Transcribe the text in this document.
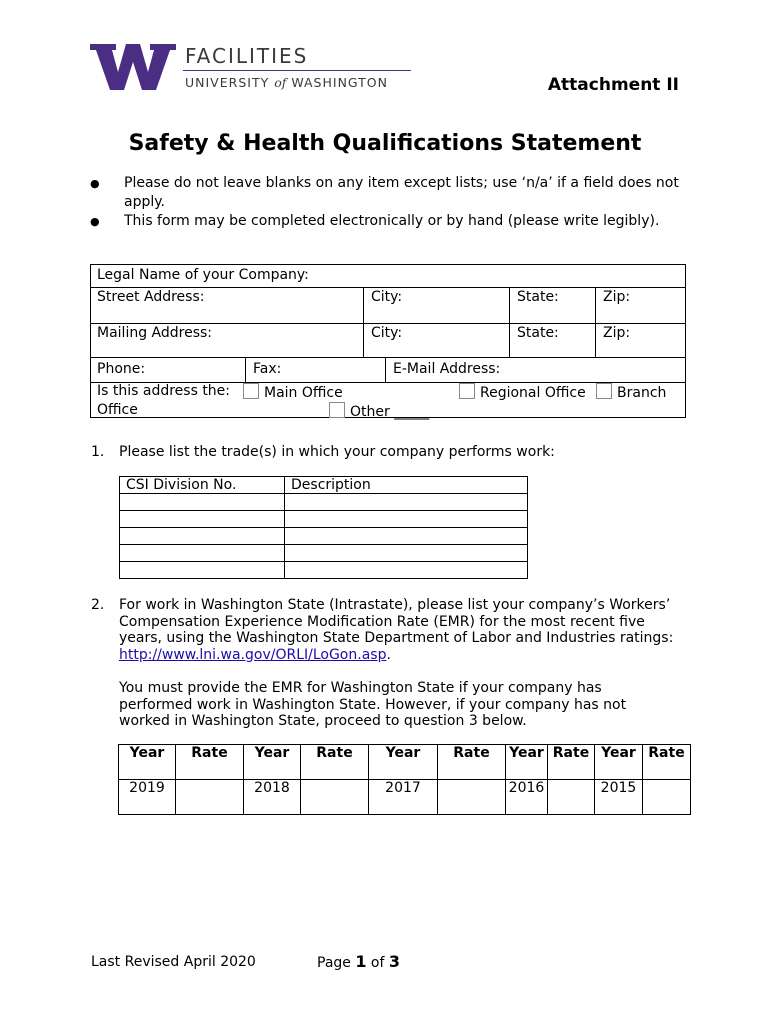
FACILITIES
UNIVERSITY of WASHINGTON	Attachment II
Safety & Health Qualifications Statement
●	Please do not leave blanks on any item except lists; use ‘n/a’ if a field does not apply.
●	This form may be completed electronically or by hand (please write legibly).
Legal Name of your Company:
Street Address:	City:	State:	Zip:
Mailing Address:	City:	State:	Zip:
Phone:	Fax:	E-Mail Address:
Is this address the:	Main Office	Regional Office	Branch
Office	Other _____
1. Please list the trade(s) in which your company performs work:
CSI Division No.	Description

2. For work in Washington State (Intrastate), please list your company’s Workers’ Compensation Experience Modification Rate (EMR) for the most recent five years, using the Washington State Department of Labor and Industries ratings: http://www.lni.wa.gov/ORLI/LoGon.asp.
You must provide the EMR for Washington State if your company has performed work in Washington State. However, if your company has not worked in Washington State, proceed to question 3 below.
Year	Rate	Year	Rate	Year	Rate	Year	Rate	Year	Rate
2019		2018		2017		2016		2015	
Last Revised April 2020	Page 1 of 3
